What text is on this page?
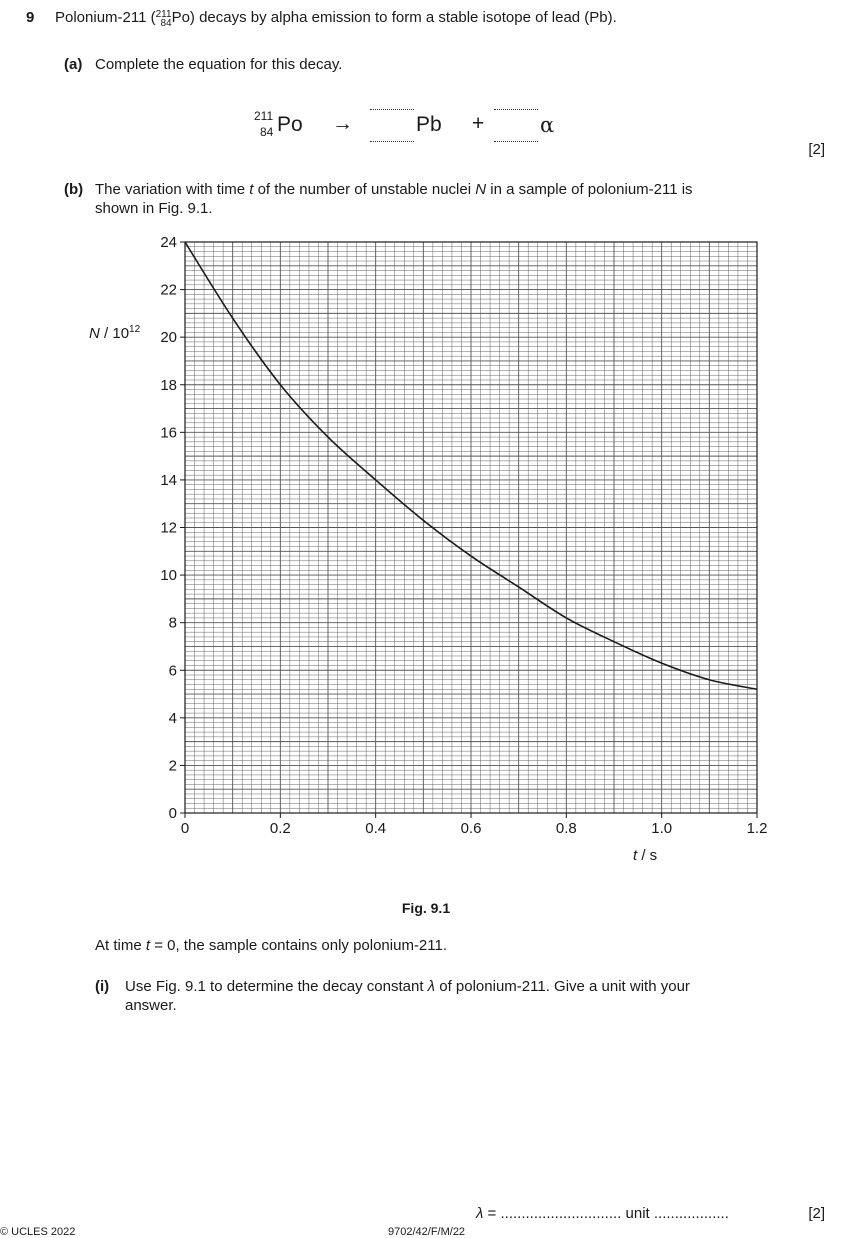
9 Polonium-211 (211
84Po) decays by alpha emission to form a stable isotope of lead (Pb).
(a) Complete the equation for this decay.
211
84 Po →	Pb +	α
[2]
(b) The variation with time t of the number of unstable nuclei N in a sample of polonium-211 is
shown in Fig. 9.1.
0	0.2	0.4	0.6	0.8	1.0	1.2
0
2
4
6
8
10
12
14
16
18
20
22
24
N / $10^{12}$
t / s
Fig. 9.1
At time t = 0, the sample contains only polonium-211.
(i) Use Fig. 9.1 to determine the decay constant λ of polonium-211. Give a unit with your
answer.
λ = ............................. unit ..................	[2]
© UCLES 2022	9702/42/F/M/22
